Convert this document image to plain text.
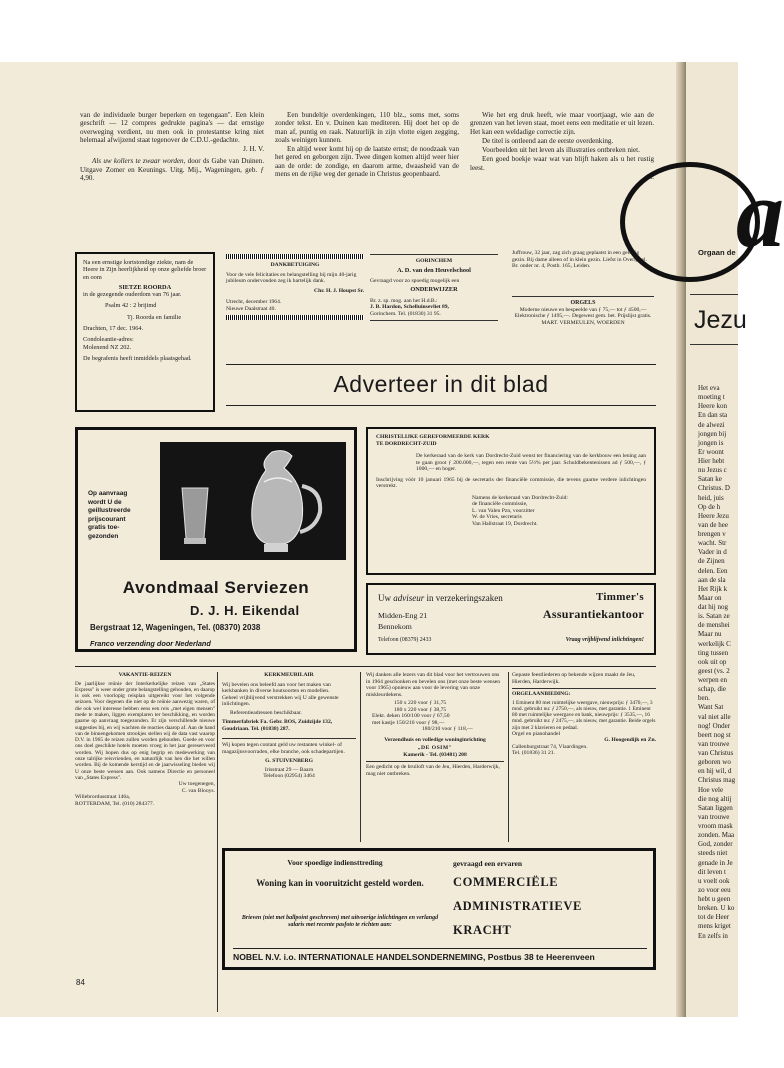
van de individuele burger beperken en tegengaan". Een klein geschrift — 12 compres gedrukte pagina's — dat ernstige overweging verdient, nu men ook in protestantse kring niet helemaal afwijzend staat tegenover de C.D.U.-gedachte.

J. H. V.

Als uw kollers te zwaar worden, door ds Gabe van Duinen. Uitgave Zomer en Keunings. Uitg. Mij., Wageningen, geb. ƒ 4,90.

Een bundeltje overdenkingen, 110 blz., soms met, soms zonder tekst. En v. Duinen kan mediteren. Hij doet het op de man af, puntig en raak. Natuurlijk in zijn vlotte eigen zegging, zoals weinigen kunnen.

En altijd weer komt hij op de laatste ernst; de noodzaak van het gered en geborgen zijn. Twee dingen komen altijd weer hier aan de orde: de zondige, en daarom arme, dwaasheid van de mens en de rijke weg der genade in Christus geopenbaard.

Wie het erg druk heeft, wie maar voortjaagt, wie aan de grenzen van het leven staat, moet eens een meditatie er uit lezen. Het kan een weldadige correctie zijn.

De titel is ontleend aan de eerste overdenking.

Voorbeelden uit het leven als illustraties ontbreken niet.

Een goed boekje waar wat van blijft haken als u het rustig leest.

K.

Na een ernstige kortstondige ziekte, nam de Heere in Zijn heerlijkheid op onze geliefde broer en oom
SIETZE ROORDA
in de gezegende ouderdom van 76 jaar.
Psalm 42 : 2 brijimd
Tj. Roorda en familie
Drachten, 17 dec. 1964.
Condoleantie-adres:
Molenend NZ 202.
De begrafenis heeft inmiddels plaatsgehad.
DANKBETUIGING
Voor de vele felicitaties en belangstelling bij mijn 40-jarig jubileum ondervonden zeg ik hartelijk dank.
Chr. H. J. Houpst Sr.
Utrecht, december 1964.
Nieuwe Daalstraat 40.
GORINCHEM
A. D. van den Heuvelschool
Gevraagd voor zo spoedig mogelijk een
ONDERWIJZER
Br. z. sp. mog. aan het H.d.B.:
J. B. Hardon, Schelluinsevliet 89,
Gorinchem. Tel. (01830) 31 95.
Juffrouw, 32 jaar, zag zich graag geplaatst in een gelovig gezin. Bij dame alleen of in klein gezin. Liefst in Overijssel.
Br. onder nr. 4, Postb. 165, Leiden.
ORGELS
Moderne nieuwe en bespeelde van ƒ 75,— tot ƒ 4500,— Elektronische ƒ 1495,—. Degewest gem. bet. Prijslijst gratis.
MART. VERMEULEN, WOERDEN
Adverteer in dit blad
Op aanvraag
wordt U de
geillustreerde
prijscourant
gratis toe-
gezonden
Avondmaal Serviezen
D. J. H. Eikendal
Bergstraat 12, Wageningen, Tel. (08370) 2038
Franco verzending door Nederland
CHRISTELIJKE GEREFORMEERDE KERK
TE DORDRECHT-ZUID
De kerkeraad van de kerk van Dordrecht-Zuid wenst ter financiering van de kerkbouw een lening aan te gaan groot ƒ 200.000,—, tegen een rente van 5½% per jaar. Schuldbekentenissen ad ƒ 500,—, ƒ 1000,— en hoger.
Inschrijving vóór 10 januari 1965 bij de secretaris der financiële commissie, die tevens gaarne verdere inlichtingen verstrekt.
Namens de kerkeraad van Dordrecht-Zuid:
de financiële commissie,
L. van Valen Pzn, voorzitter
W. de Vries, secretaris
Van Hallstraat 19, Dordrecht.
Uw adviseur in verzekeringszaken	Timmer's
Assurantiekantoor
Midden-Eng 21
Bennekom
Telefoon (08379) 2433	Vraag vrijblijvend inlichtingen!
VAKANTIE-REIZEN
De jaarlijkse reünie der Interkerkelijke reizen van „States Express" is weer onder grote belangstelling gehouden, en daarop is ook een voorlopig reisplan uitgereikt voor het volgende seizoen. Voor degenen die niet op de reünie aanwezig waren, of die ook wel interesse hebben eens een reis „met eigen mensen" mede te maken, liggen exemplaren ter beschikking, en worden gaarne op aanvraag toegezonden. Er zijn verschillende nieuwe suggesties bij, en wij wachten de reacties daarop af. Aan de hand van de binnengekomen strookjes stellen wij de data vast waarop D.V. in 1965 de reizen zullen worden gehouden. Goede en voor ons doel geschikte hotels moeten vroeg in het jaar gereserveerd worden. Wij hopen dus op enig begrip en medewerking van onze talrijke reisvrienden, en natuurlijk van hen die het willen worden. Bij de komende kerstijd en de jaarwisseling bieden wij U onze beste wensen aan. Ook namens Directie en personeel van „States Express".
Uw toegenegen,
C. van Blooys.
Willebrordusstraat 146a,
ROTTERDAM, Tel. (010) 284377.
KERKMEUBILAIR
Wij bevelen ons beleefd aan voor het maken van kerkbanken in diverse houtsoorten en modellen.
Geheel vrijblijvend verstrekken wij U alle gewenste inlichtingen.
Referentieadressen beschikbaar.
Timmerfabriek Fa. Gebr. BOS, Zuidzijde 132, Goudriaan. Tel. (01838) 287.
Wij kopen tegen contant geld uw restanten winkel- of magazijnsvoorraden, elke branche, ook schadepartijen.
G. STUIVENBERG
Irisstraat 29 — Baarn
Telefoon (02954) 3464
Wij danken alle lezers van dit blad voor het vertrouwen ons in 1964 geschonken en bevelen ons (met onze beste wensen voor 1965) opnieuw aan voor de levering van onze miskleurdekens.
150 x 220 voor ƒ 31,75
180 x 220 voor ƒ 38,75
Elekt. deken 160/100 voor ƒ 67,50
met kastje 150/210 voor ƒ 98,—
180/210 voor ƒ 118,—
Verzendhuis en volledige woninginrichting
„DE OSIM"
Kamerik - Tel. (03481) 208
Een gedicht op de bruiloft van de Jeu, Hierden, Harderwijk, mag niet ontbreken.
Gepaste feestliederen op bekende wijzen maakt de Jeu, Hierden, Harderwijk.
ORGELAANBIEDING:
1 Eminent 80 met ruimtelijke weergave, nieuwprijs: ƒ 3470,—, 3 mnd. gebruikt nu: ƒ 2750,—, als nieuw, met garantie. 1 Eminent 80 met ruimtelijke weergave en bank, nieuwprijs: ƒ 3535,—, 16 mnd. gebruikt nu: ƒ 2475,—, als nieuw, met garantie. Beide orgels zijn met 2 klavieren en pedaal.
Orgel en pianohandel
G. Hoogendijk en Zn.
Callenburgstraat 74, Vlaardingen.
Tel. (01836) 31 21.
Voor spoedige indiensttreding
Woning kan in vooruitzicht gesteld worden.
Brieven (niet met ballpoint geschreven) met uitvoerige inlichtingen en verlangd salaris met recente pasfoto te richten aan:
gevraagd een ervaren
COMMERCIËLE
ADMINISTRATIEVE
KRACHT
NOBEL N.V. i.o. INTERNATIONALE HANDELSONDERNEMING, Postbus 38 te Heerenveen
84
a
Orgaan de
Jezu
Het eva
moeting t
Heere kon
En dan sta
de alwezi
jongen bij
jongen is
Er woont
Hier hebt
nu Jezus c
Satan ke
Christus. D
heid, juis
Op de h
Heere Jezu
van de hee
brengen v
wacht. Str
Vader in d
de Zijnen
delen. Een
aan de sla
Het Rijk k
Maar on
dat hij nog
is. Satan ze
de menshei
Maar nu
werkelijk C
ting tussen
ook uit op
geest (vs. 2
werpen en
schap, die
ben.
Want Sat
val niet alle
nog! Onder
beert nog st
van trouwe
van Christus
geboren wo
en hij wil, d
Christus mag
Hoe vele
die nog altij
Satan liggen
van trouwe
vroom mask
zonden. Maa
God, zonder
steeds niet
genade in Je
dit leven t
u voelt ook
zo voor eeu
hebt u geen
breken. U ko
tot de Heer
mens kriget
En zelfs in
